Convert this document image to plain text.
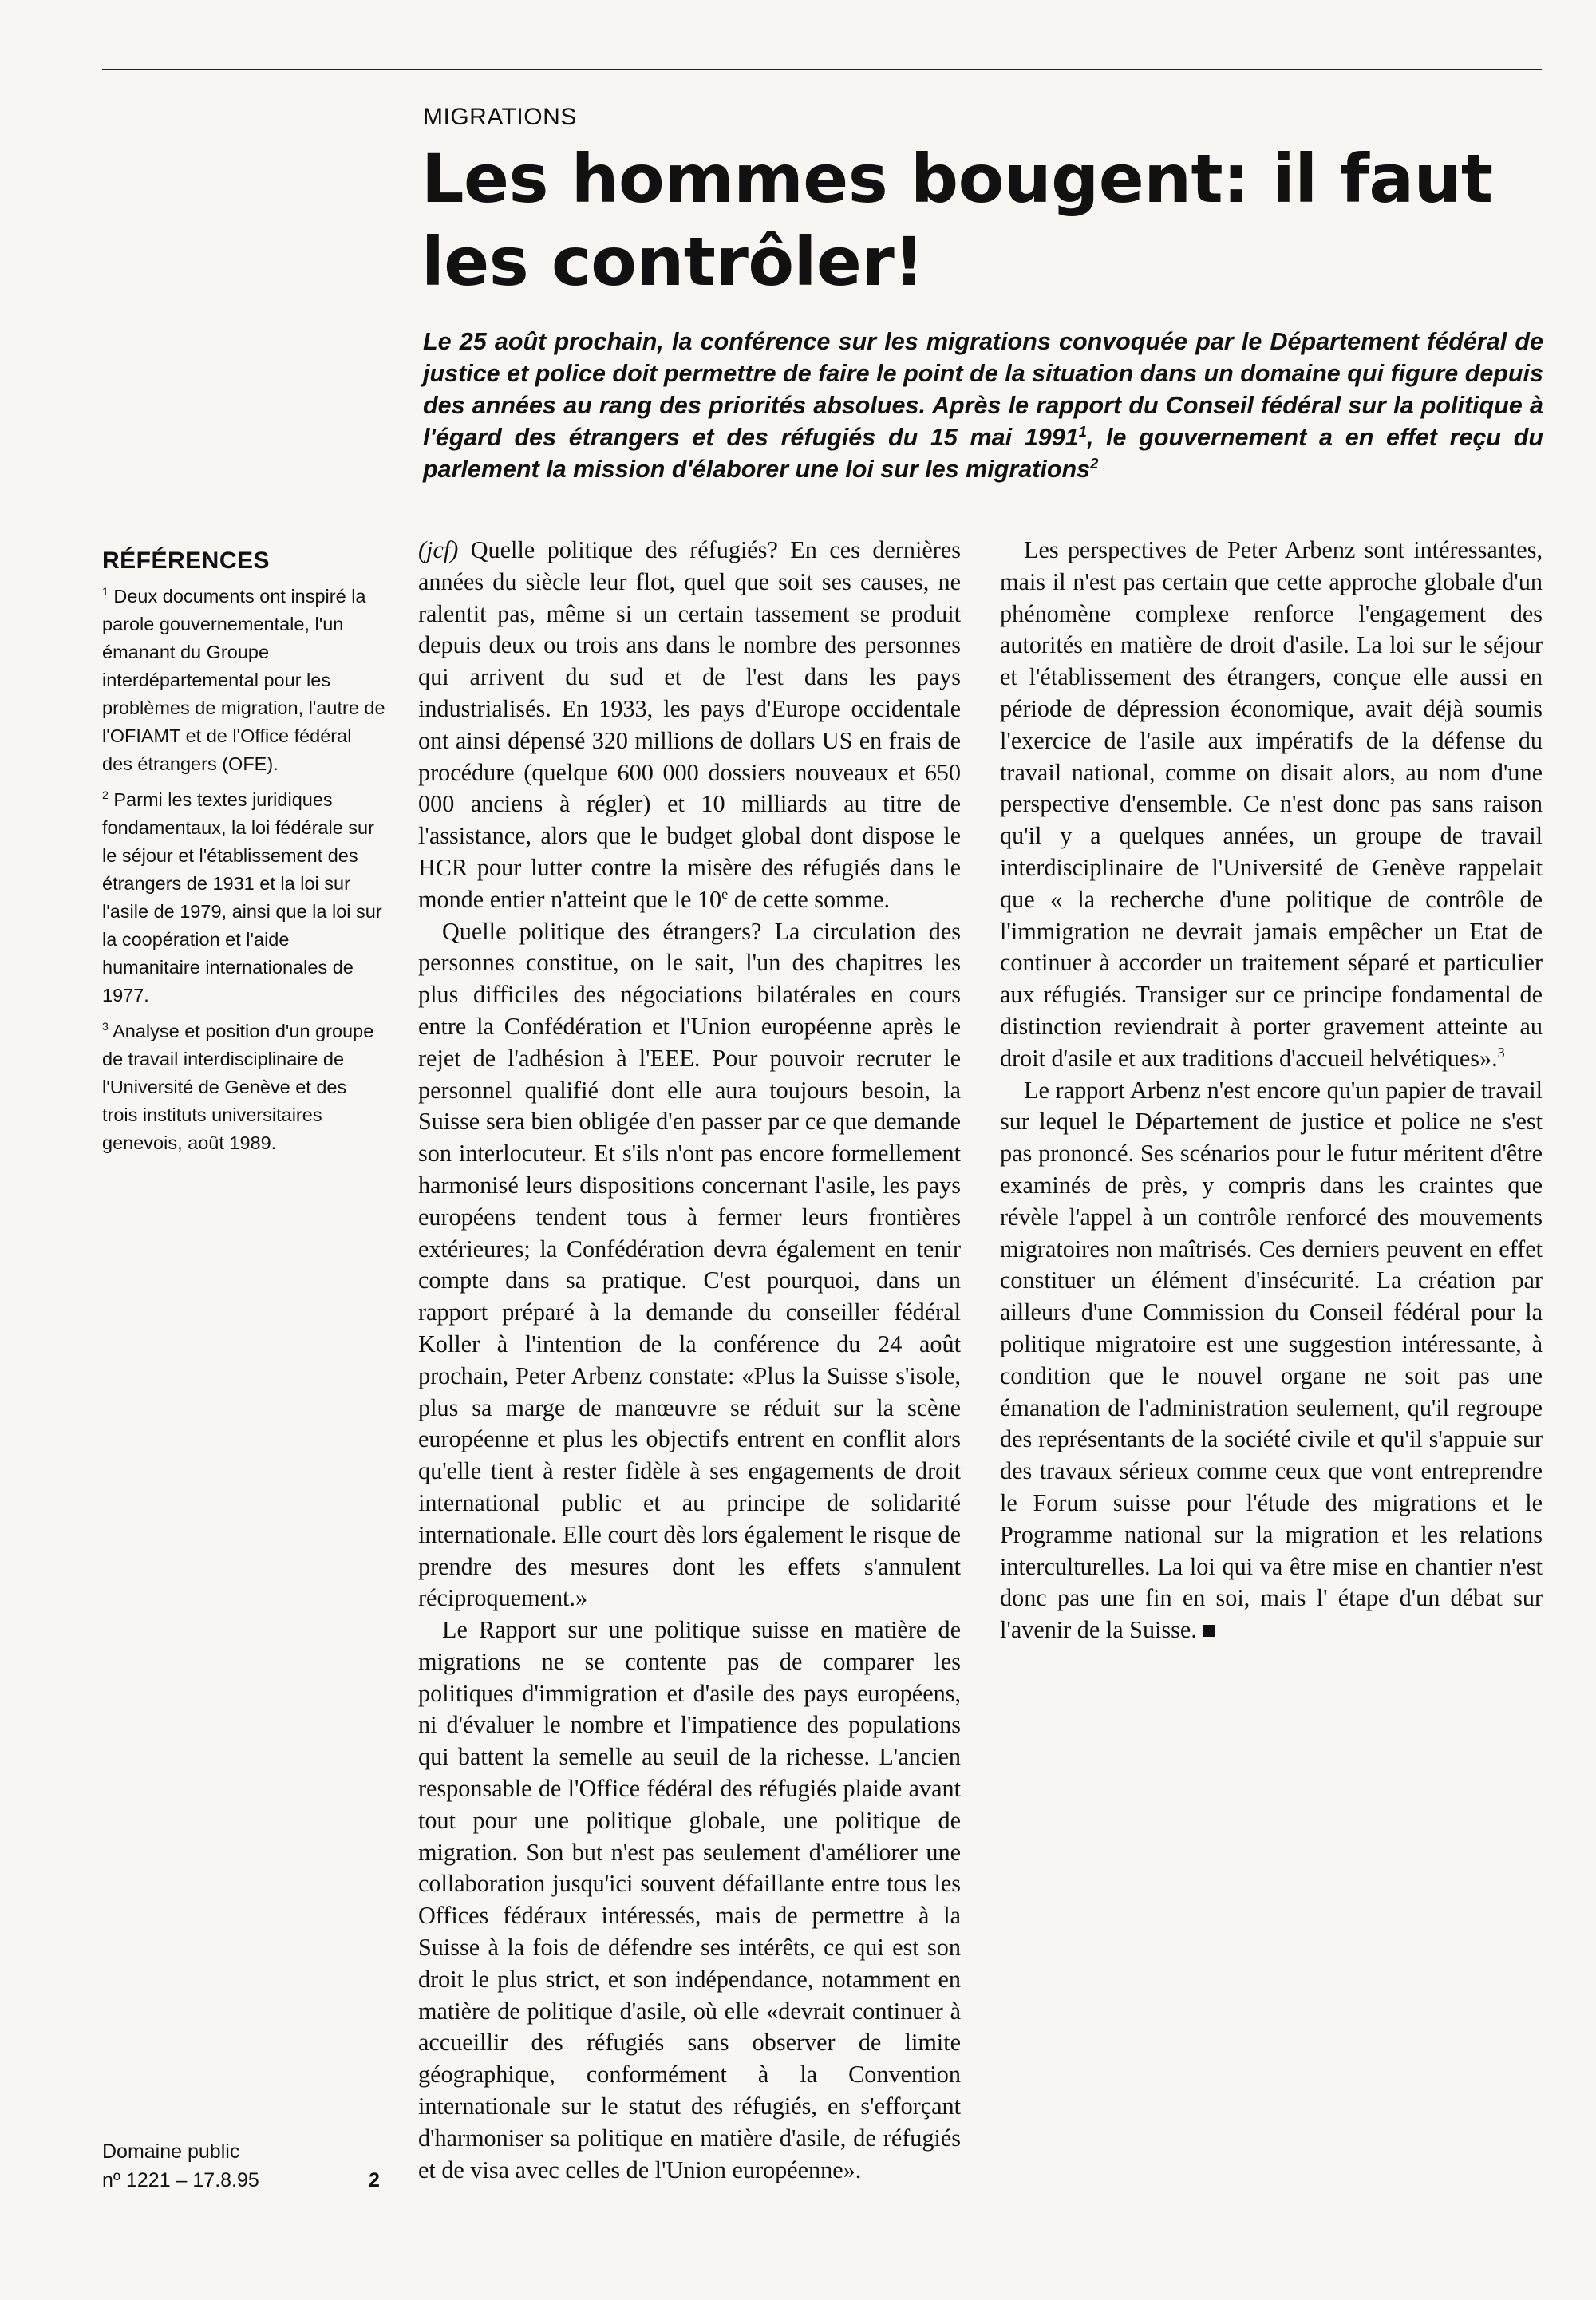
MIGRATIONS
Les hommes bougent: il faut les contrôler!

Le 25 août prochain, la conférence sur les migrations convoquée par le Département fédéral de justice et police doit permettre de faire le point de la situation dans un domaine qui figure depuis des années au rang des priorités absolues. Après le rapport du Conseil fédéral sur la politique à l'égard des étrangers et des réfugiés du 15 mai 1991$^1$, le gouvernement a en effet reçu du parlement la mission d'élaborer une loi sur les migrations$^2$

RÉFÉRENCES

$^1$ Deux documents ont inspiré la parole gouvernementale, l'un émanant du Groupe interdépartemental pour les problèmes de migration, l'autre de l'OFIAMT et de l'Office fédéral des étrangers (OFE).

$^2$ Parmi les textes juridiques fondamentaux, la loi fédérale sur le séjour et l'établissement des étrangers de 1931 et la loi sur l'asile de 1979, ainsi que la loi sur la coopération et l'aide humanitaire internationales de 1977.

$^3$ Analyse et position d'un groupe de travail interdisciplinaire de l'Université de Genève et des trois instituts universitaires genevois, août 1989.

Domaine public
nº 1221 – 17.8.95	2

(jcf) Quelle politique des réfugiés? En ces dernières années du siècle leur flot, quel que soit ses causes, ne ralentit pas, même si un certain tassement se produit depuis deux ou trois ans dans le nombre des personnes qui arrivent du sud et de l'est dans les pays industrialisés. En 1933, les pays d'Europe occidentale ont ainsi dépensé 320 millions de dollars US en frais de procédure (quelque 600 000 dossiers nouveaux et 650 000 anciens à régler) et 10 milliards au titre de l'assistance, alors que le budget global dont dispose le HCR pour lutter contre la misère des réfugiés dans le monde entier n'atteint que le 10e de cette somme.

Quelle politique des étrangers? La circulation des personnes constitue, on le sait, l'un des chapitres les plus difficiles des négociations bilatérales en cours entre la Confédération et l'Union européenne après le rejet de l'adhésion à l'EEE. Pour pouvoir recruter le personnel qualifié dont elle aura toujours besoin, la Suisse sera bien obligée d'en passer par ce que demande son interlocuteur. Et s'ils n'ont pas encore formellement harmonisé leurs dispositions concernant l'asile, les pays européens tendent tous à fermer leurs frontières extérieures; la Confédération devra également en tenir compte dans sa pratique. C'est pourquoi, dans un rapport préparé à la demande du conseiller fédéral Koller à l'intention de la conférence du 24 août prochain, Peter Arbenz constate: «Plus la Suisse s'isole, plus sa marge de manœuvre se réduit sur la scène européenne et plus les objectifs entrent en conflit alors qu'elle tient à rester fidèle à ses engagements de droit international public et au principe de solidarité internationale. Elle court dès lors également le risque de prendre des mesures dont les effets s'annulent réciproquement.»

Le Rapport sur une politique suisse en matière de migrations ne se contente pas de comparer les politiques d'immigration et d'asile des pays européens, ni d'évaluer le nombre et l'impatience des populations qui battent la semelle au seuil de la richesse. L'ancien responsable de l'Office fédéral des réfugiés plaide avant tout pour une politique globale, une politique de migration. Son but n'est pas seulement d'améliorer une collaboration jusqu'ici souvent défaillante entre tous les Offices fédéraux intéressés, mais de permettre à la Suisse à la fois de défendre ses intérêts, ce qui est son droit le plus strict, et son indépendance, notamment en matière de politique d'asile, où elle «devrait continuer à accueillir des réfugiés sans observer de limite géographique, conformément à la Convention internationale sur le statut des réfugiés, en s'efforçant d'harmoniser sa politique en matière d'asile, de réfugiés et de visa avec celles de l'Union européenne».

Les perspectives de Peter Arbenz sont intéressantes, mais il n'est pas certain que cette approche globale d'un phénomène complexe renforce l'engagement des autorités en matière de droit d'asile. La loi sur le séjour et l'établissement des étrangers, conçue elle aussi en période de dépression économique, avait déjà soumis l'exercice de l'asile aux impératifs de la défense du travail national, comme on disait alors, au nom d'une perspective d'ensemble. Ce n'est donc pas sans raison qu'il y a quelques années, un groupe de travail interdisciplinaire de l'Université de Genève rappelait que « la recherche d'une politique de contrôle de l'immigration ne devrait jamais empêcher un Etat de continuer à accorder un traitement séparé et particulier aux réfugiés. Transiger sur ce principe fondamental de distinction reviendrait à porter gravement atteinte au droit d'asile et aux traditions d'accueil helvétiques».$^3$

Le rapport Arbenz n'est encore qu'un papier de travail sur lequel le Département de justice et police ne s'est pas prononcé. Ses scénarios pour le futur méritent d'être examinés de près, y compris dans les craintes que révèle l'appel à un contrôle renforcé des mouvements migratoires non maîtrisés. Ces derniers peuvent en effet constituer un élément d'insécurité. La création par ailleurs d'une Commission du Conseil fédéral pour la politique migratoire est une suggestion intéressante, à condition que le nouvel organe ne soit pas une émanation de l'administration seulement, qu'il regroupe des représentants de la société civile et qu'il s'appuie sur des travaux sérieux comme ceux que vont entreprendre le Forum suisse pour l'étude des migrations et le Programme national sur la migration et les relations interculturelles. La loi qui va être mise en chantier n'est donc pas une fin en soi, mais l' étape d'un débat sur l'avenir de la Suisse.
